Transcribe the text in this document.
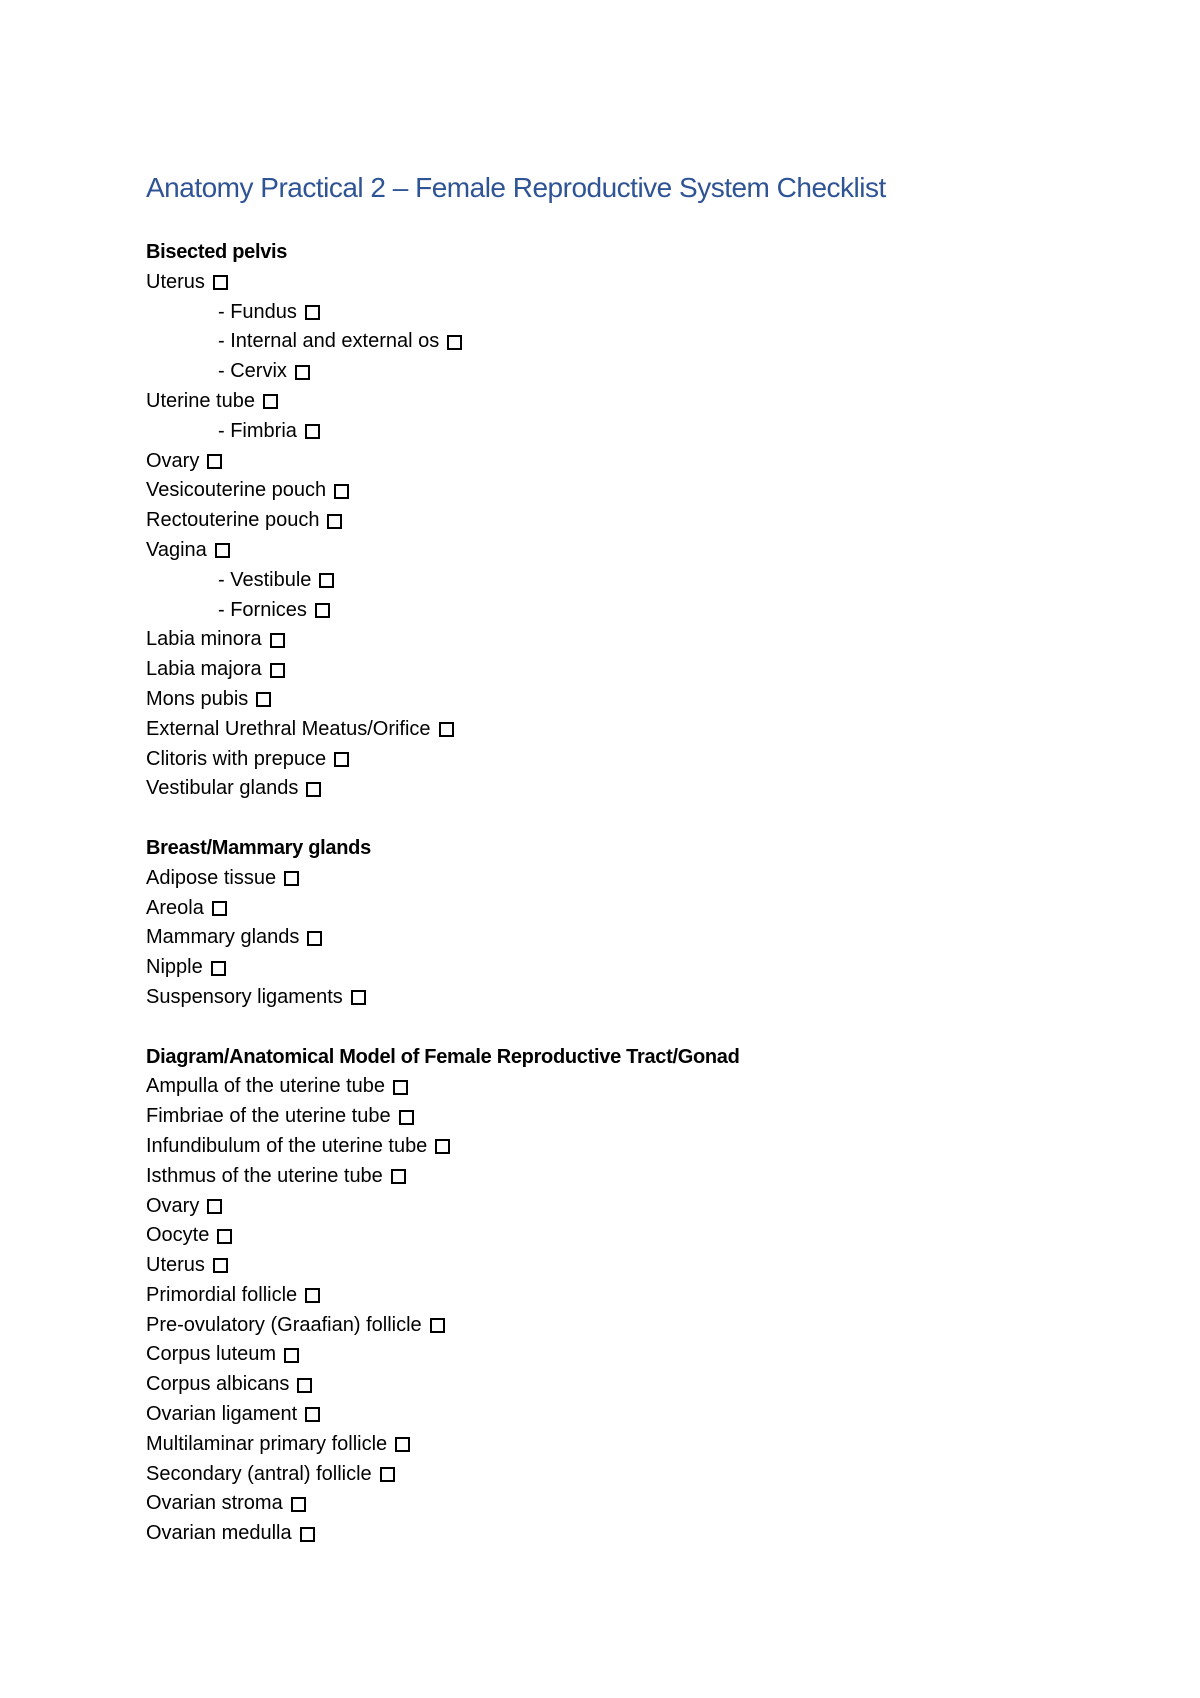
Anatomy Practical 2 – Female Reproductive System Checklist
Bisected pelvis
Uterus
- Fundus
- Internal and external os
- Cervix
Uterine tube
- Fimbria
Ovary
Vesicouterine pouch
Rectouterine pouch
Vagina
- Vestibule
- Fornices
Labia minora
Labia majora
Mons pubis
External Urethral Meatus/Orifice
Clitoris with prepuce
Vestibular glands
Breast/Mammary glands
Adipose tissue
Areola
Mammary glands
Nipple
Suspensory ligaments
Diagram/Anatomical Model of Female Reproductive Tract/Gonad
Ampulla of the uterine tube
Fimbriae of the uterine tube
Infundibulum of the uterine tube
Isthmus of the uterine tube
Ovary
Oocyte
Uterus
Primordial follicle
Pre-ovulatory (Graafian) follicle
Corpus luteum
Corpus albicans
Ovarian ligament
Multilaminar primary follicle
Secondary (antral) follicle
Ovarian stroma
Ovarian medulla
